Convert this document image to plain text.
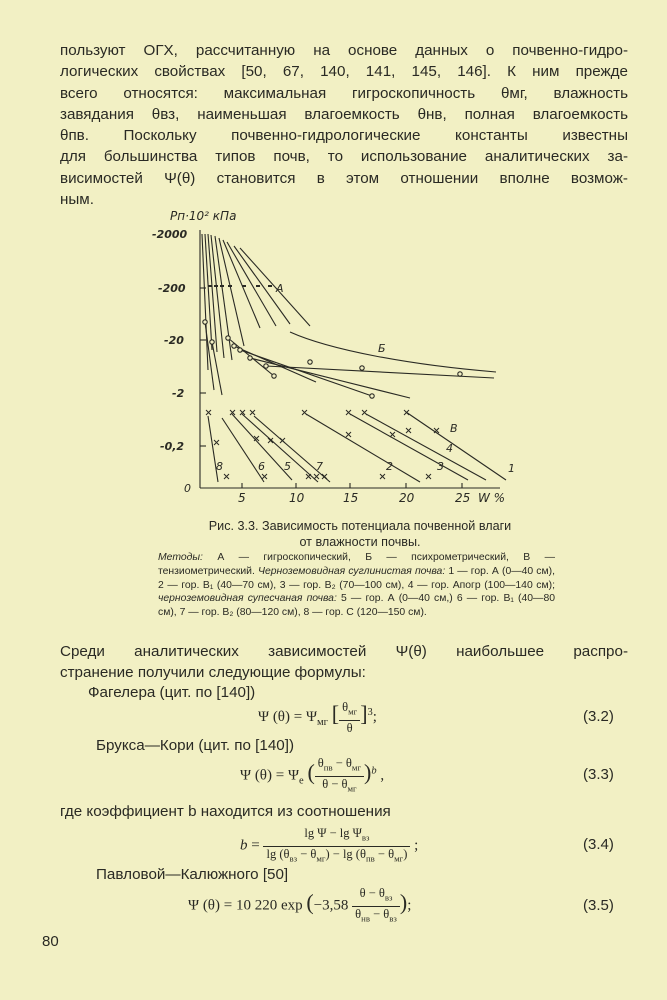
пользуют ОГХ, рассчитанную на основе данных о почвенно-гидро-
логических свойствах [50, 67, 140, 141, 145, 146]. К ним прежде
всего относятся: максимальная гигроскопичность θмг, влажность
завядания θвз, наименьшая влагоемкость θнв, полная влагоемкость
θпв. Поскольку почвенно-гидрологические константы известны
для большинства типов почв, то использование аналитических за-
висимостей Ψ(θ) становится в этом отношении вполне возмож-
ным.
Pп·10² кПа
-2000
-200
-20
-2
-0,2
0
5	10	15	20	25 W %
A
Б
В
4
8	6 5 7	2	3	1
Рис. 3.3. Зависимость потенциала почвенной влаги
от влажности почвы.
Методы: А — гигроскопический, Б — психрометрический, В — тензиометрический. Черноземовидная суглинистая почва: 1 — гор. А (0—40 см), 2 — гор. B₁ (40—70 см), 3 — гор. B₂ (70—100 см), 4 — гор. Aпогр (100—140 см); черноземовидная супесчаная почва: 5 — гор. А (0—40 см,) 6 — гор. B₁ (40—80 см), 7 — гор. B₂ (80—120 см), 8 — гор. С (120—150 см).
Среди аналитических зависимостей Ψ(θ) наибольшее распро-
странение получили следующие формулы:
Фагелера (цит. по [140])
Ψ $(\theta) = \Psi_{мг}$ [ $\frac{\theta_{мг}}{\theta} ]^3$;	(3.2)
Брукса—Кори (цит. по [140])
Ψ $(\theta) = \Psi_e$ ( $\frac{\theta_{пв} - \theta_{мг}}{\theta - \theta_{мг}} )^b$ ,	(3.3)
где коэффициент b находится из соотношения
$b = \frac{\lg \Psi - \lg \Psi_{вз}}{\lg (\theta_{вз} - \theta_{мг}) - \lg (\theta_{пв} - \theta_{мг})}$ ;	(3.4)
Павловой—Калюжного [50]
Ψ (θ) = 10 220 $\exp (-3,58 \frac{\theta - \theta_{вз}}{\theta_{нв} - \theta_{вз}}$ );	(3.5)
80
